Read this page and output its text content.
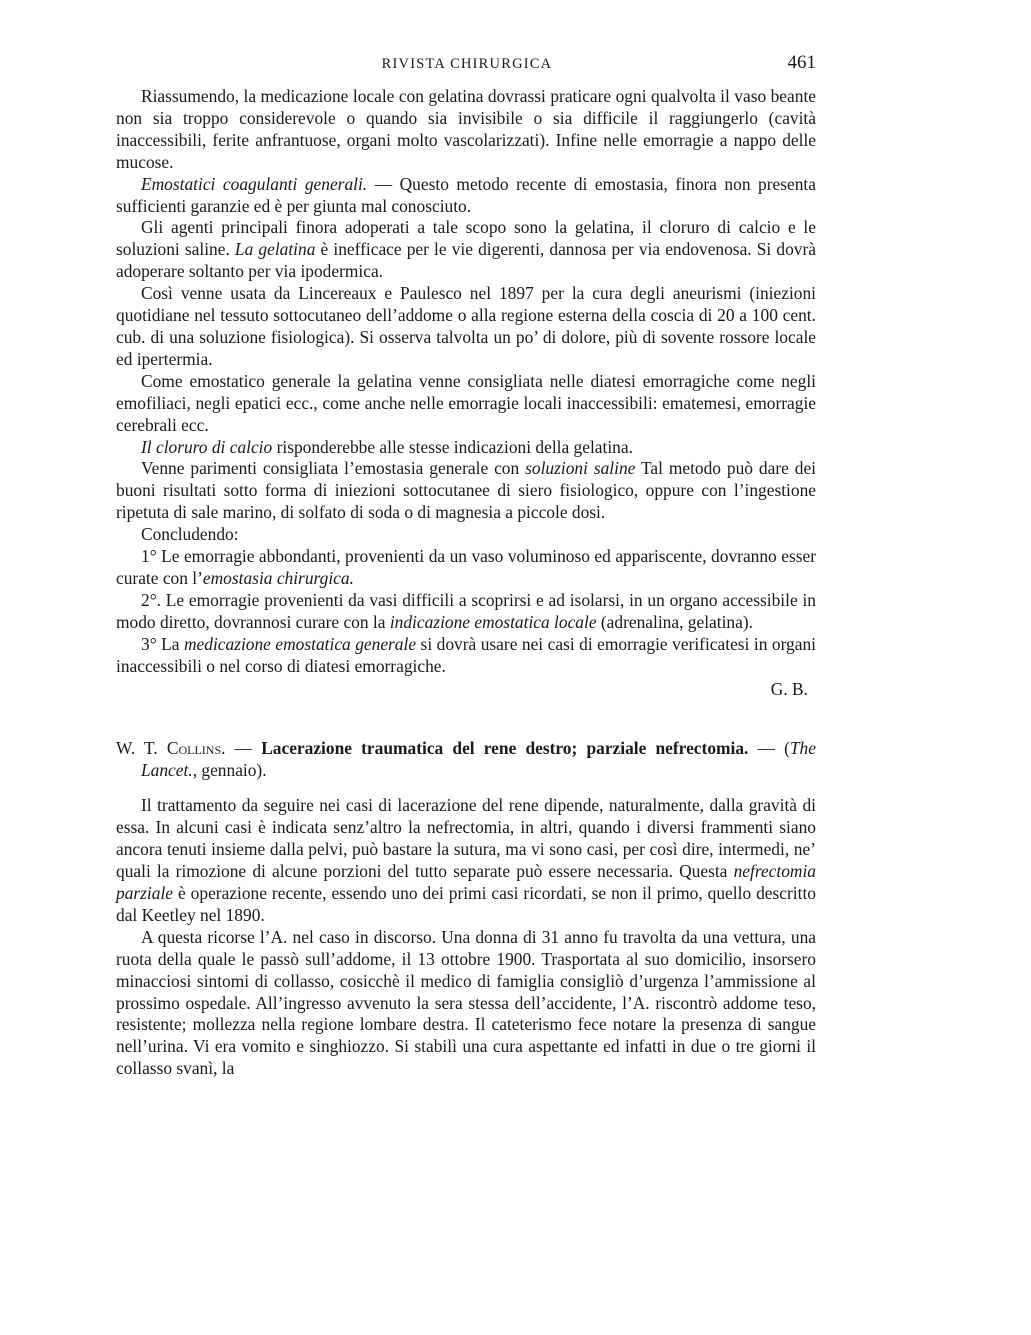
RIVISTA CHIRURGICA	461

Riassumendo, la medicazione locale con gelatina dovrassi praticare ogni qualvolta il vaso beante non sia troppo considerevole o quando sia invisibile o sia difficile il raggiungerlo (cavità inaccessibili, ferite anfrantuose, organi molto vascolarizzati). Infine nelle emorragie a nappo delle mucose.

Emostatici coagulanti generali. — Questo metodo recente di emostasia, finora non presenta sufficienti garanzie ed è per giunta mal conosciuto.

Gli agenti principali finora adoperati a tale scopo sono la gelatina, il cloruro di calcio e le soluzioni saline. La gelatina è inefficace per le vie digerenti, dannosa per via endovenosa. Si dovrà adoperare soltanto per via ipodermica.

Così venne usata da Lincereaux e Paulesco nel 1897 per la cura degli aneurismi (iniezioni quotidiane nel tessuto sottocutaneo dell’addome o alla regione esterna della coscia di 20 a 100 cent. cub. di una soluzione fisiologica). Si osserva talvolta un po’ di dolore, più di sovente rossore locale ed ipertermia.

Come emostatico generale la gelatina venne consigliata nelle diatesi emorragiche come negli emofiliaci, negli epatici ecc., come anche nelle emorragie locali inaccessibili: ematemesi, emorragie cerebrali ecc.

Il cloruro di calcio risponderebbe alle stesse indicazioni della gelatina.

Venne parimenti consigliata l’emostasia generale con soluzioni saline Tal metodo può dare dei buoni risultati sotto forma di iniezioni sottocutanee di siero fisiologico, oppure con l’ingestione ripetuta di sale marino, di solfato di soda o di magnesia a piccole dosi.

Concludendo:

1° Le emorragie abbondanti, provenienti da un vaso voluminoso ed appariscente, dovranno esser curate con l’emostasia chirurgica.

2°. Le emorragie provenienti da vasi difficili a scoprirsi e ad isolarsi, in un organo accessibile in modo diretto, dovrannosi curare con la indicazione emostatica locale (adrenalina, gelatina).

3° La medicazione emostatica generale si dovrà usare nei casi di emorragie verificatesi in organi inaccessibili o nel corso di diatesi emorragiche.

G. B.

W. T. Collins. — Lacerazione traumatica del rene destro; parziale nefrectomia. — (The Lancet., gennaio).

Il trattamento da seguire nei casi di lacerazione del rene dipende, naturalmente, dalla gravità di essa. In alcuni casi è indicata senz’altro la nefrectomia, in altri, quando i diversi frammenti siano ancora tenuti insieme dalla pelvi, può bastare la sutura, ma vi sono casi, per così dire, intermedi, ne’ quali la rimozione di alcune porzioni del tutto separate può essere necessaria. Questa nefrectomia parziale è operazione recente, essendo uno dei primi casi ricordati, se non il primo, quello descritto dal Keetley nel 1890.

A questa ricorse l’A. nel caso in discorso. Una donna di 31 anno fu travolta da una vettura, una ruota della quale le passò sull’addome, il 13 ottobre 1900. Trasportata al suo domicilio, insorsero minacciosi sintomi di collasso, cosicchè il medico di famiglia consigliò d’urgenza l’ammissione al prossimo ospedale. All’ingresso avvenuto la sera stessa dell’accidente, l’A. riscontrò addome teso, resistente; mollezza nella regione lombare destra. Il cateterismo fece notare la presenza di sangue nell’urina. Vi era vomito e singhiozzo. Si stabilì una cura aspettante ed infatti in due o tre giorni il collasso svanì, la
